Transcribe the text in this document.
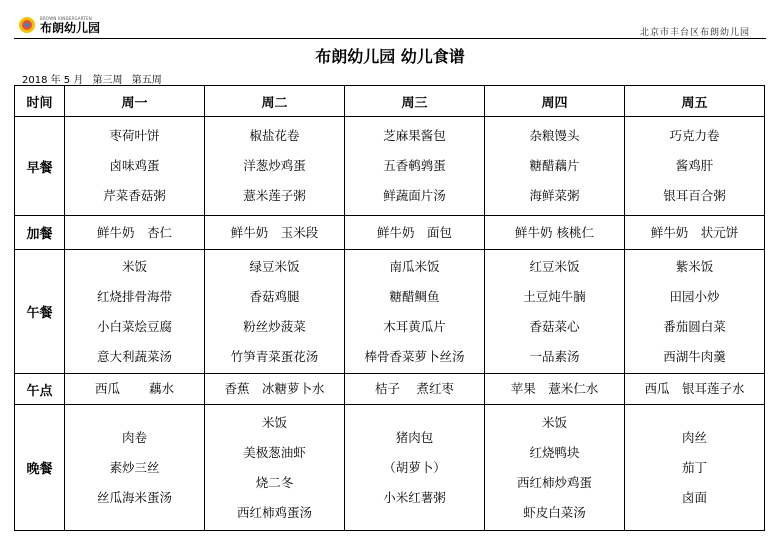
BROWN KINDERGARTEN
布朗幼儿园	北京市丰台区布朗幼儿园
布朗幼儿园 幼儿食谱
2018 年 5 月 第三周 第五周
时间	周一	周二	周三	周四	周五
早餐	枣荷叶饼
卤味鸡蛋
芹菜香菇粥	椒盐花卷
洋葱炒鸡蛋
薏米莲子粥	芝麻果酱包
五香鹌鹑蛋
鲜蔬面片汤	杂粮馒头
糖醋藕片
海鲜菜粥	巧克力卷
酱鸡肝
银耳百合粥

加餐	鲜牛奶　杏仁	鲜牛奶　玉米段	鲜牛奶　面包	鲜牛奶 核桃仁	鲜牛奶　状元饼

午餐	米饭
红烧排骨海带
小白菜烩豆腐
意大利蔬菜汤	绿豆米饭
香菇鸡腿
粉丝炒菠菜
竹笋青菜蛋花汤	南瓜米饭
糖醋鲷鱼
木耳黄瓜片
棒骨香菜萝卜丝汤	红豆米饭
土豆炖牛腩
香菇菜心
一品素汤	紫米饭
田园小炒
番茄圆白菜
西湖牛肉羹

午点	西瓜　　 藕水	香蕉　冰糖萝卜水	桔子　 煮红枣	苹果　薏米仁水	西瓜　银耳莲子水

晚餐	肉卷
素炒三丝
丝瓜海米蛋汤	米饭
美极葱油虾
烧二冬
西红柿鸡蛋汤	猪肉包
（胡萝卜）
小米红薯粥	米饭
红烧鸭块
西红柿炒鸡蛋
虾皮白菜汤	肉丝
茄丁
卤面
